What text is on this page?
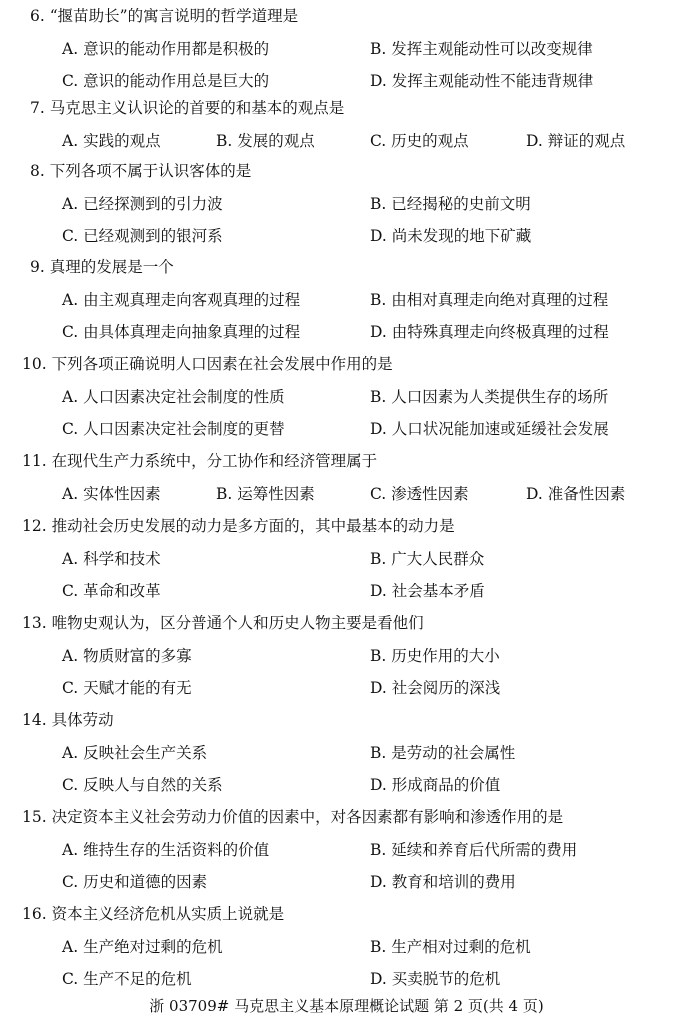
6. “揠苗助长”的寓言说明的哲学道理是
A. 意识的能动作用都是积极的	B. 发挥主观能动性可以改变规律
C. 意识的能动作用总是巨大的	D. 发挥主观能动性不能违背规律
7. 马克思主义认识论的首要的和基本的观点是
A. 实践的观点	B. 发展的观点	C. 历史的观点	D. 辩证的观点
8. 下列各项不属于认识客体的是
A. 已经探测到的引力波	B. 已经揭秘的史前文明
C. 已经观测到的银河系	D. 尚未发现的地下矿藏
9. 真理的发展是一个
A. 由主观真理走向客观真理的过程	B. 由相对真理走向绝对真理的过程
C. 由具体真理走向抽象真理的过程	D. 由特殊真理走向终极真理的过程
10. 下列各项正确说明人口因素在社会发展中作用的是
A. 人口因素决定社会制度的性质	B. 人口因素为人类提供生存的场所
C. 人口因素决定社会制度的更替	D. 人口状况能加速或延缓社会发展
11. 在现代生产力系统中，分工协作和经济管理属于
A. 实体性因素	B. 运筹性因素	C. 渗透性因素	D. 准备性因素
12. 推动社会历史发展的动力是多方面的，其中最基本的动力是
A. 科学和技术	B. 广大人民群众
C. 革命和改革	D. 社会基本矛盾
13. 唯物史观认为，区分普通个人和历史人物主要是看他们
A. 物质财富的多寡	B. 历史作用的大小
C. 天赋才能的有无	D. 社会阅历的深浅
14. 具体劳动
A. 反映社会生产关系	B. 是劳动的社会属性
C. 反映人与自然的关系	D. 形成商品的价值
15. 决定资本主义社会劳动力价值的因素中，对各因素都有影响和渗透作用的是
A. 维持生存的生活资料的价值	B. 延续和养育后代所需的费用
C. 历史和道德的因素	D. 教育和培训的费用
16. 资本主义经济危机从实质上说就是
A. 生产绝对过剩的危机	B. 生产相对过剩的危机
C. 生产不足的危机	D. 买卖脱节的危机
浙 03709# 马克思主义基本原理概论试题 第 2 页(共 4 页)
